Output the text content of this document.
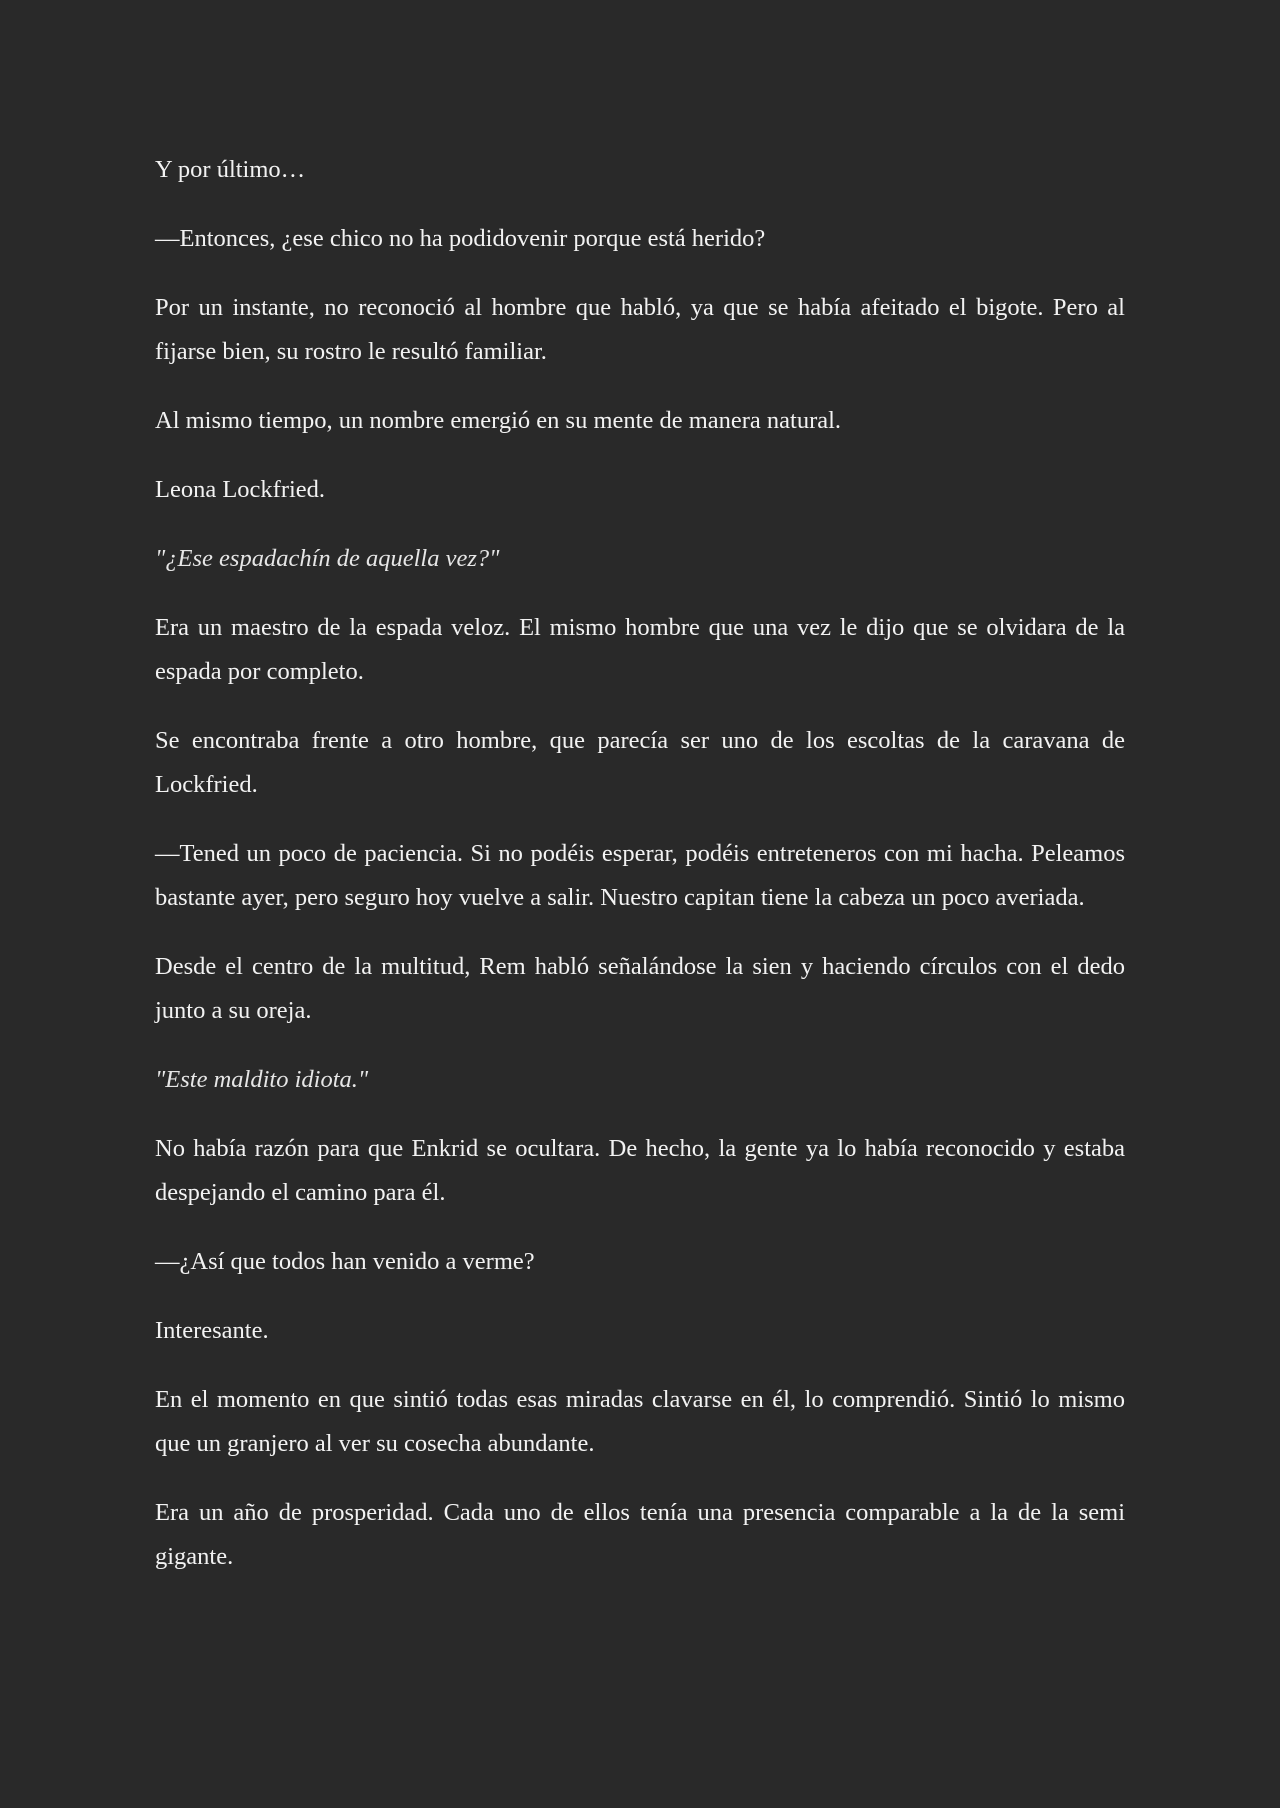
Y por último…

—Entonces, ¿ese chico no ha podidovenir porque está herido?

Por un instante, no reconoció al hombre que habló, ya que se había afeitado el bigote. Pero al fijarse bien, su rostro le resultó familiar.

Al mismo tiempo, un nombre emergió en su mente de manera natural.

Leona Lockfried.

"¿Ese espadachín de aquella vez?"

Era un maestro de la espada veloz. El mismo hombre que una vez le dijo que se olvidara de la espada por completo.

Se encontraba frente a otro hombre, que parecía ser uno de los escoltas de la caravana de Lockfried.

—Tened un poco de paciencia. Si no podéis esperar, podéis entreteneros con mi hacha. Peleamos bastante ayer, pero seguro hoy vuelve a salir. Nuestro capitan tiene la cabeza un poco averiada.

Desde el centro de la multitud, Rem habló señalándose la sien y haciendo círculos con el dedo junto a su oreja.

"Este maldito idiota."

No había razón para que Enkrid se ocultara. De hecho, la gente ya lo había reconocido y estaba despejando el camino para él.

—¿Así que todos han venido a verme?

Interesante.

En el momento en que sintió todas esas miradas clavarse en él, lo comprendió. Sintió lo mismo que un granjero al ver su cosecha abundante.

Era un año de prosperidad. Cada uno de ellos tenía una presencia comparable a la de la semi gigante.
